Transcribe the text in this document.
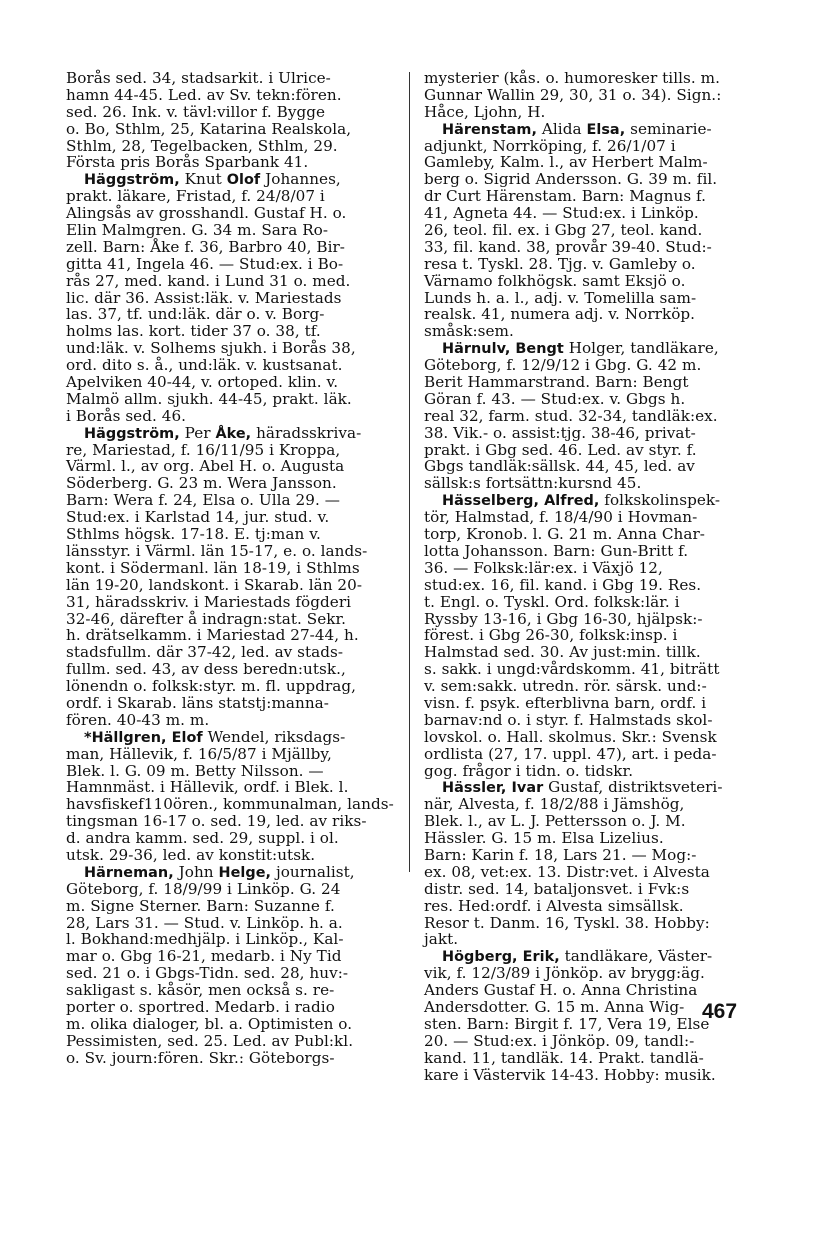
Borås sed. 34, stadsarkit. i Ulrice-
hamn 44-45. Led. av Sv. tekn:fören.
sed. 26. Ink. v. tävl:villor f. Bygge
o. Bo, Sthlm, 25, Katarina Realskola,
Sthlm, 28, Tegelbacken, Sthlm, 29.
Första pris Borås Sparbank 41.
Häggström, Knut Olof Johannes,
prakt. läkare, Fristad, f. 24/8/07 i
Alingsås av grosshandl. Gustaf H. o.
Elin Malmgren. G. 34 m. Sara Ro-
zell. Barn: Åke f. 36, Barbro 40, Bir-
gitta 41, Ingela 46. — Stud:ex. i Bo-
rås 27, med. kand. i Lund 31 o. med.
lic. där 36. Assist:läk. v. Mariestads
las. 37, tf. und:läk. där o. v. Borg-
holms las. kort. tider 37 o. 38, tf.
und:läk. v. Solhems sjukh. i Borås 38,
ord. dito s. å., und:läk. v. kustsanat.
Apelviken 40-44, v. ortoped. klin. v.
Malmö allm. sjukh. 44-45, prakt. läk.
i Borås sed. 46.
Häggström, Per Åke, häradsskriva-
re, Mariestad, f. 16/11/95 i Kroppa,
Värml. l., av org. Abel H. o. Augusta
Söderberg. G. 23 m. Wera Jansson.
Barn: Wera f. 24, Elsa o. Ulla 29. —
Stud:ex. i Karlstad 14, jur. stud. v.
Sthlms högsk. 17-18. E. tj:man v.
länsstyr. i Värml. län 15-17, e. o. lands-
kont. i Södermanl. län 18-19, i Sthlms
län 19-20, landskont. i Skarab. län 20-
31, häradsskriv. i Mariestads fögderi
32-46, därefter å indragn:stat. Sekr.
h. drätselkamm. i Mariestad 27-44, h.
stadsfullm. där 37-42, led. av stads-
fullm. sed. 43, av dess beredn:utsk.,
lönendn o. folksk:styr. m. fl. uppdrag,
ordf. i Skarab. läns statstj:manna-
fören. 40-43 m. m.
*Hällgren, Elof Wendel, riksdags-
man, Hällevik, f. 16/5/87 i Mjällby,
Blek. l. G. 09 m. Betty Nilsson. —
Hamnmäst. i Hällevik, ordf. i Blek. l.
havsfiskef110ören., kommunalman, lands-
tingsman 16-17 o. sed. 19, led. av riks-
d. andra kamm. sed. 29, suppl. i ol.
utsk. 29-36, led. av konstit:utsk.
Härneman, John Helge, journalist,
Göteborg, f. 18/9/99 i Linköp. G. 24
m. Signe Sterner. Barn: Suzanne f.
28, Lars 31. — Stud. v. Linköp. h. a.
l. Bokhand:medhjälp. i Linköp., Kal-
mar o. Gbg 16-21, medarb. i Ny Tid
sed. 21 o. i Gbgs-Tidn. sed. 28, huv:-
sakligast s. kåsör, men också s. re-
porter o. sportred. Medarb. i radio
m. olika dialoger, bl. a. Optimisten o.
Pessimisten, sed. 25. Led. av Publ:kl.
o. Sv. journ:fören. Skr.: Göteborgs-
mysterier (kås. o. humoresker tills. m.
Gunnar Wallin 29, 30, 31 o. 34). Sign.:
Håce, Ljohn, H.
Härenstam, Alida Elsa, seminarie-
adjunkt, Norrköping, f. 26/1/07 i
Gamleby, Kalm. l., av Herbert Malm-
berg o. Sigrid Andersson. G. 39 m. fil.
dr Curt Härenstam. Barn: Magnus f.
41, Agneta 44. — Stud:ex. i Linköp.
26, teol. fil. ex. i Gbg 27, teol. kand.
33, fil. kand. 38, provår 39-40. Stud:-
resa t. Tyskl. 28. Tjg. v. Gamleby o.
Värnamo folkhögsk. samt Eksjö o.
Lunds h. a. l., adj. v. Tomelilla sam-
realsk. 41, numera adj. v. Norrköp.
småsk:sem.
Härnulv, Bengt Holger, tandläkare,
Göteborg, f. 12/9/12 i Gbg. G. 42 m.
Berit Hammarstrand. Barn: Bengt
Göran f. 43. — Stud:ex. v. Gbgs h.
real 32, farm. stud. 32-34, tandläk:ex.
38. Vik.- o. assist:tjg. 38-46, privat-
prakt. i Gbg sed. 46. Led. av styr. f.
Gbgs tandläk:sällsk. 44, 45, led. av
sällsk:s fortsättn:kursnd 45.
Hässelberg, Alfred, folkskolinspek-
tör, Halmstad, f. 18/4/90 i Hovman-
torp, Kronob. l. G. 21 m. Anna Char-
lotta Johansson. Barn: Gun-Britt f.
36. — Folksk:lär:ex. i Växjö 12,
stud:ex. 16, fil. kand. i Gbg 19. Res.
t. Engl. o. Tyskl. Ord. folksk:lär. i
Ryssby 13-16, i Gbg 16-30, hjälpsk:-
förest. i Gbg 26-30, folksk:insp. i
Halmstad sed. 30. Av just:min. tillk.
s. sakk. i ungd:vårdskomm. 41, biträtt
v. sem:sakk. utredn. rör. särsk. und:-
visn. f. psyk. efterblivna barn, ordf. i
barnav:nd o. i styr. f. Halmstads skol-
lovskol. o. Hall. skolmus. Skr.: Svensk
ordlista (27, 17. uppl. 47), art. i peda-
gog. frågor i tidn. o. tidskr.
Hässler, Ivar Gustaf, distriktsveteri-
när, Alvesta, f. 18/2/88 i Jämshög,
Blek. l., av L. J. Pettersson o. J. M.
Hässler. G. 15 m. Elsa Lizelius.
Barn: Karin f. 18, Lars 21. — Mog:-
ex. 08, vet:ex. 13. Distr:vet. i Alvesta
distr. sed. 14, bataljonsvet. i Fvk:s
res. Hed:ordf. i Alvesta simsällsk.
Resor t. Danm. 16, Tyskl. 38. Hobby:
jakt.
Högberg, Erik, tandläkare, Väster-
vik, f. 12/3/89 i Jönköp. av brygg:äg.
Anders Gustaf H. o. Anna Christina
Andersdotter. G. 15 m. Anna Wig-
sten. Barn: Birgit f. 17, Vera 19, Else
20. — Stud:ex. i Jönköp. 09, tandl:-
kand. 11, tandläk. 14. Prakt. tandlä-
kare i Västervik 14-43. Hobby: musik.
467
